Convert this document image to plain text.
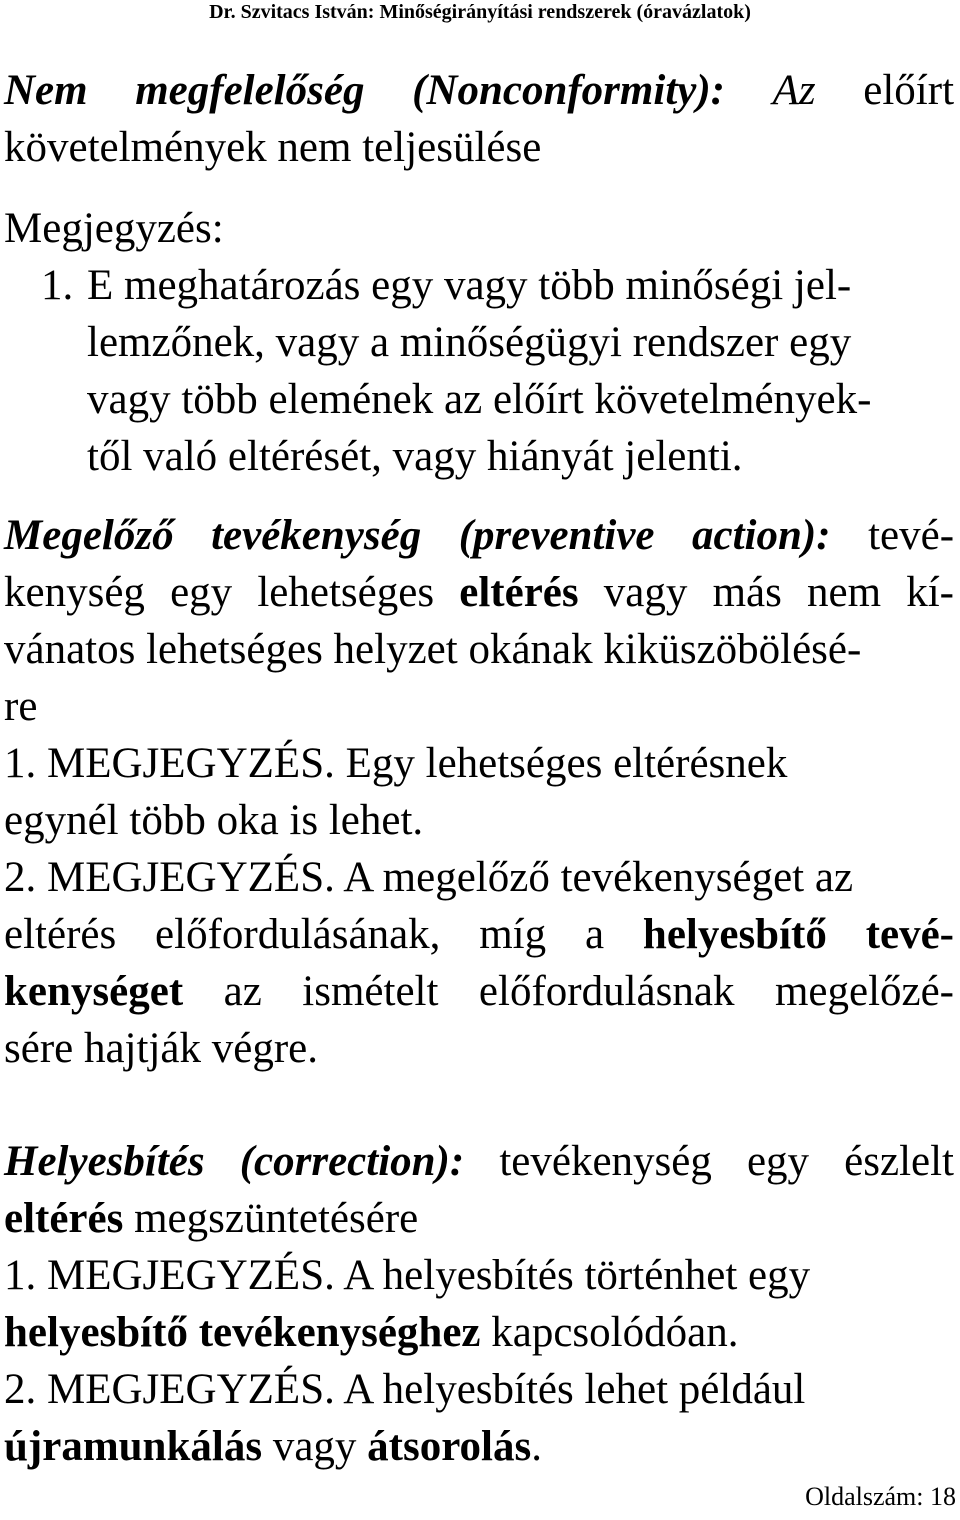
Dr. Szvitacs István: Minőségirányítási rendszerek (óravázlatok)
Nem megfelelőség (Nonconformity): Az előírt
követelmények nem teljesülése
Megjegyzés:
1. E meghatározás egy vagy több minőségi jel-
lemzőnek, vagy a minőségügyi rendszer egy
vagy több elemének az előírt követelmények-
től való eltérését, vagy hiányát jelenti.
Megelőző tevékenység (preventive action): tevé-
kenység egy lehetséges eltérés vagy más nem kí-
vánatos lehetséges helyzet okának kiküszöbölésé-
re
1. MEGJEGYZÉS. Egy lehetséges eltérésnek
egynél több oka is lehet.
2. MEGJEGYZÉS. A megelőző tevékenységet az
eltérés előfordulásának, míg a helyesbítő tevé-
kenységet az ismételt előfordulásnak megelőzé-
sére hajtják végre.
Helyesbítés (correction): tevékenység egy észlelt
eltérés megszüntetésére
1. MEGJEGYZÉS. A helyesbítés történhet egy
helyesbítő tevékenységhez kapcsolódóan.
2. MEGJEGYZÉS. A helyesbítés lehet például
újramunkálás vagy átsorolás.
Oldalszám: 18
